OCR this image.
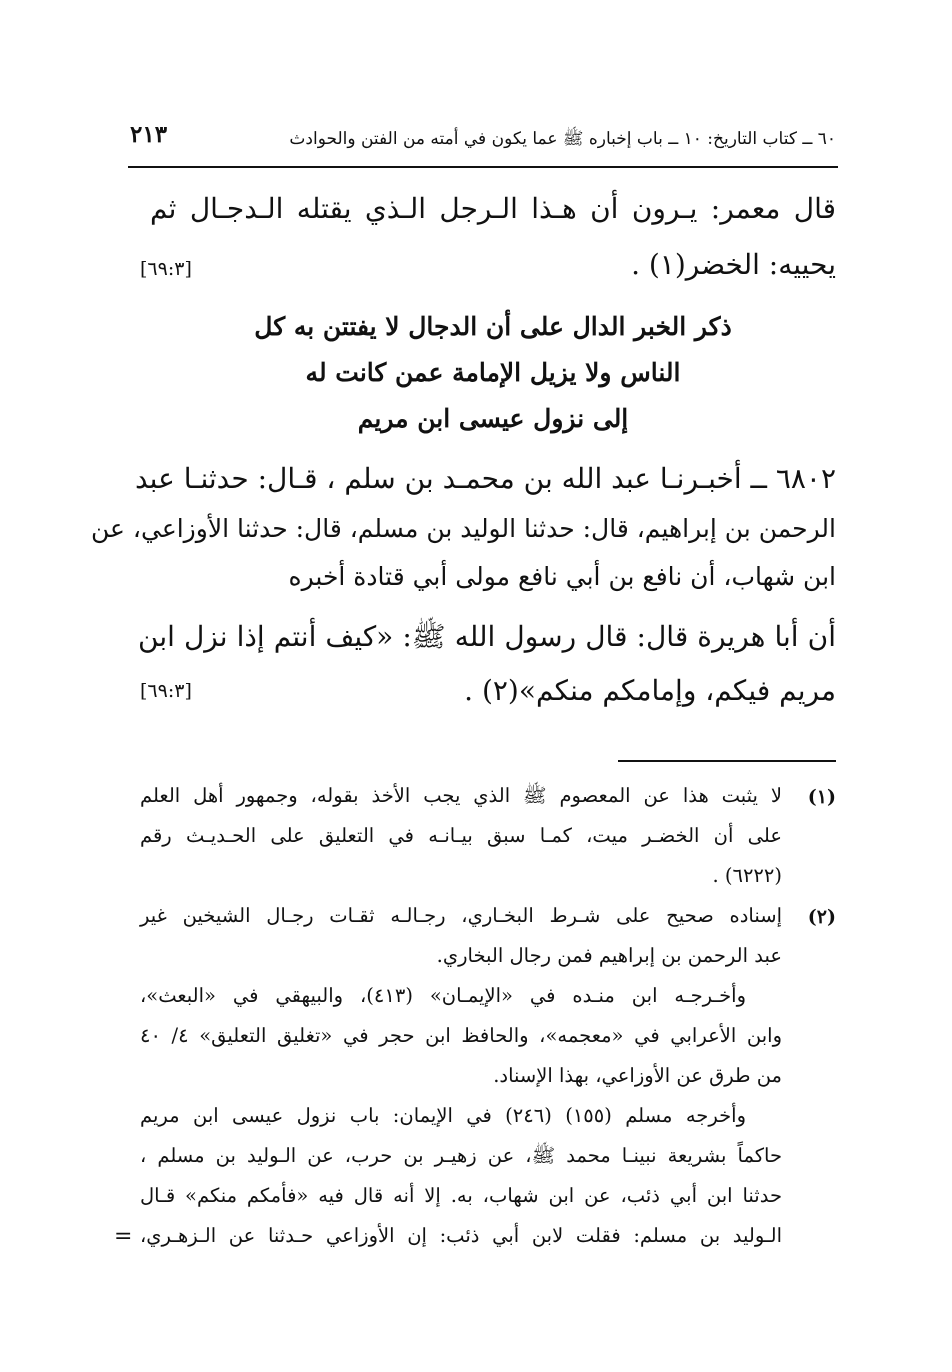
٦٠ ــ كتاب التاريخ: ١٠ ــ باب إخباره ﷺ عما يكون في أمته من الفتن والحوادث
٢١٣
قال معمر: يـرون أن هـذا الـرجل الـذي يقتله الـدجـال ثم
يحييه: الخضر(١) .
[٦٩:٣]
ذكر الخبر الدال على أن الدجال لا يفتتن به كل
الناس ولا يزيل الإمامة عمن كانت له
إلى نزول عيسى ابن مريم
٦٨٠٢ ــ أخبـرنـا عبد الله بن محمـد بن سلم ، قـال: حدثنـا عبد
الرحمن بن إبراهيم، قال: حدثنا الوليد بن مسلم، قال: حدثنا الأوزاعي، عن
ابن شهاب، أن نافع بن أبي نافع مولى أبي قتادة أخبره
أن أبا هريرة قال: قال رسول الله ﷺ: «كيف أنتم إذا نزل ابن
مريم فيكم، وإمامكم منكم»(٢) .
[٦٩:٣]
(١)
لا يثبت هذا عن المعصوم ﷺ الذي يجب الأخذ بقوله، وجمهور أهل العلم
على أن الخضـر ميت، كمـا سبق بيـانـه في التعليق على الحـديـث رقم
(٦٢٢٢) .
(٢)
إسناده صحيح على شـرط البخـاري، رجـالـه ثقـات رجـال الشيخين غير
عبد الرحمن بن إبراهيم فمن رجال البخاري.
وأخـرجـه ابن منـده في «الإيمـان» (٤١٣)، والبيهقي في «البعث»،
وابن الأعرابي في «معجمه»، والحافظ ابن حجر في «تغليق التعليق» ٤/ ٤٠
من طرق عن الأوزاعي، بهذا الإسناد.
وأخرجه مسلم (١٥٥) (٢٤٦) في الإيمان: باب نزول عيسى ابن مريم
حاكماً بشريعة نبينـا محمد ﷺ، عن زهيـر بن حرب، عن الـوليد بن مسلم ،
حدثنا ابن أبي ذئب، عن ابن شهاب، به. إلا أنه قال فيه «فأمكم منكم» قـال
الـوليد بن مسلم: فقلت لابن أبي ذئب: إن الأوزاعي حـدثنا عن الـزهـري،
=
